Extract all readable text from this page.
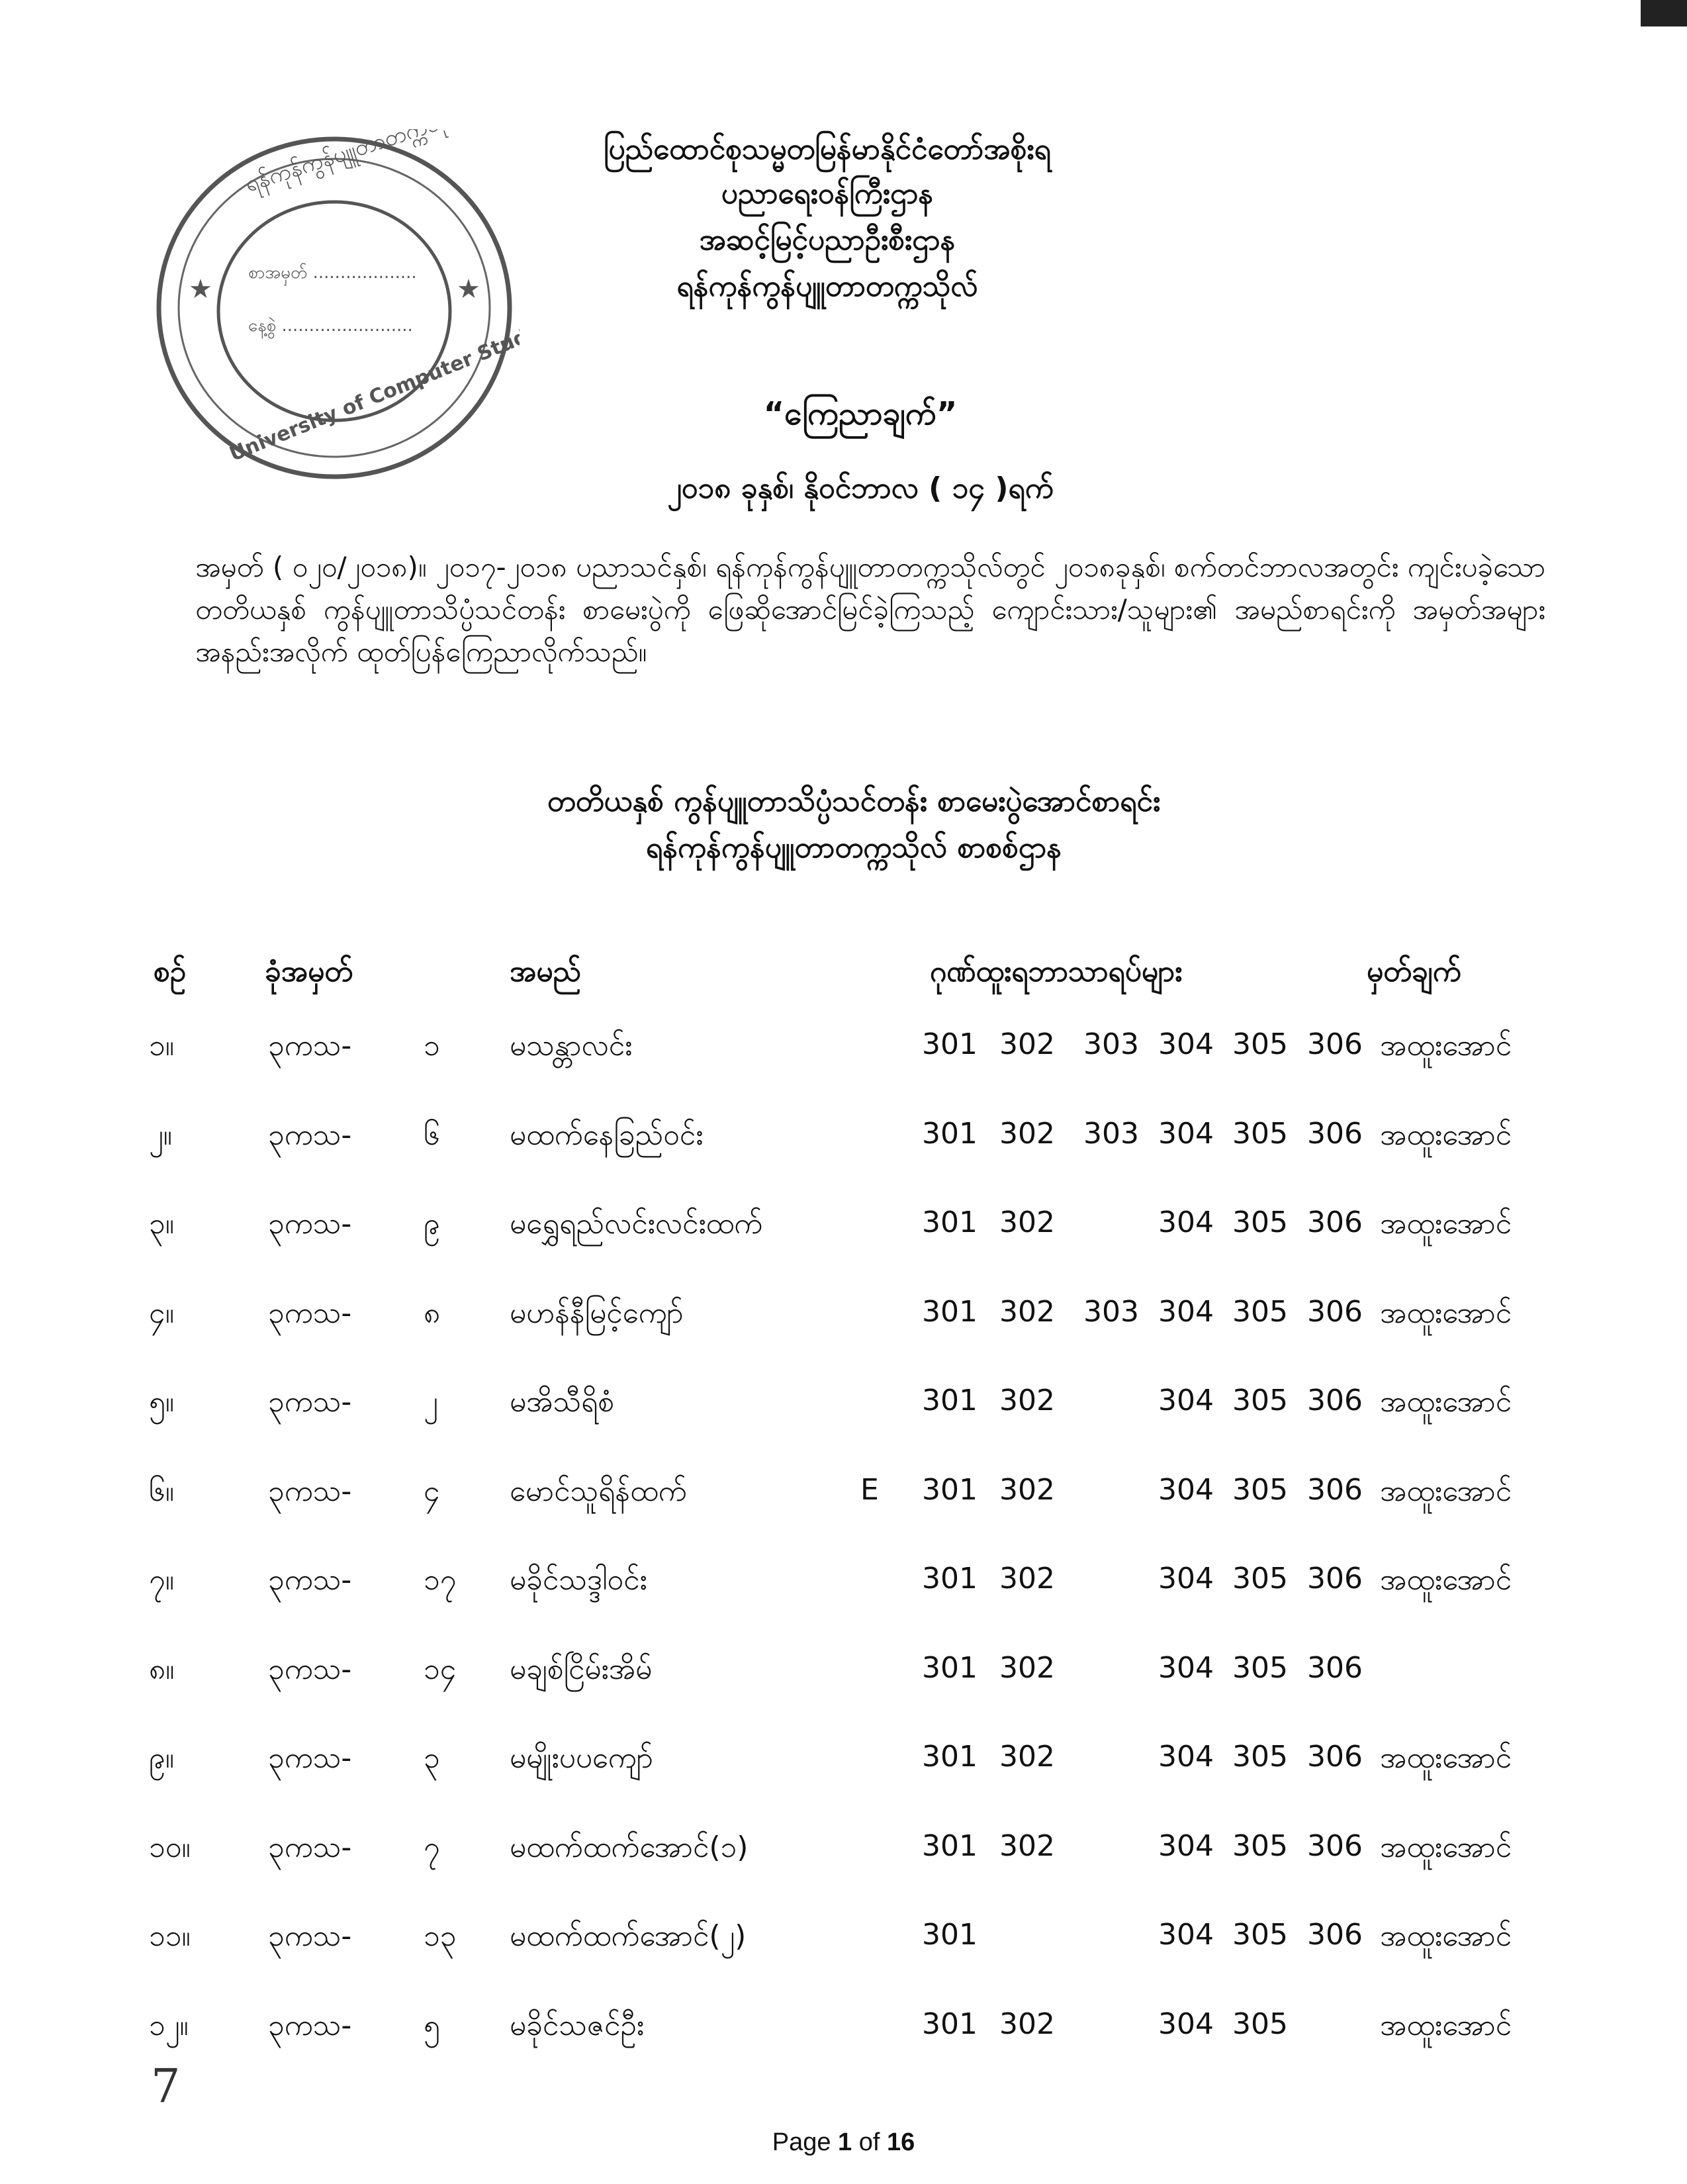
★	★
ရန်ကုန်ကွန်ပျူတာတက္ကသိုလ်
University of Computer Studies
စာအမှတ် ...................
နေ့စွဲ ........................
ပြည်ထောင်စုသမ္မတမြန်မာနိုင်ငံတော်အစိုးရ
ပညာရေးဝန်ကြီးဌာန
အဆင့်မြင့်ပညာဦးစီးဌာန
ရန်ကုန်ကွန်ပျူတာတက္ကသိုလ်
“ကြေညာချက်”
၂၀၁၈ ခုနှစ်၊ နိုဝင်ဘာလ ( ၁၄ )ရက်
အမှတ် ( ၀၂၀/၂၀၁၈)။ ၂၀၁၇-၂၀၁၈ ပညာသင်နှစ်၊ ရန်ကုန်ကွန်ပျူတာတက္ကသိုလ်တွင် ၂၀၁၈ခုနှစ်၊ စက်တင်ဘာလအတွင်း ကျင်းပခဲ့သော တတိယနှစ် ကွန်ပျူတာသိပ္ပံသင်တန်း စာမေးပွဲကို ဖြေဆိုအောင်မြင်ခဲ့ကြသည့် ကျောင်းသား/သူများ၏ အမည်စာရင်းကို အမှတ်အများအနည်းအလိုက် ထုတ်ပြန်ကြေညာလိုက်သည်။
တတိယနှစ် ကွန်ပျူတာသိပ္ပံသင်တန်း စာမေးပွဲအောင်စာရင်း
ရန်ကုန်ကွန်ပျူတာတက္ကသိုလ် စာစစ်ဌာန
စဥ်	ခုံအမှတ်	အမည်	ဂုဏ်ထူးရဘာသာရပ်များ	မှတ်ချက်
၁။	၃ကသ- ၁ မသန္တာလင်း	301 302 303 304 305 306 အထူးအောင်
၂။	၃ကသ- ၆ မထက်နေခြည်ဝင်း	301 302 303 304 305 306 အထူးအောင်
၃။	၃ကသ- ၉ မရွှေရည်လင်းလင်းထက်	301 302	304 305 306 အထူးအောင်
၄။	၃ကသ- ၈ မဟန်နီမြင့်ကျော်	301 302 303 304 305 306 အထူးအောင်
၅။	၃ကသ- ၂ မအိသီရိစံ	301 302	304 305 306 အထူးအောင်
၆။	၃ကသ- ၄ မောင်သူရိန်ထက်	E 301 302	304 305 306 အထူးအောင်
၇။	၃ကသ- ၁၇ မခိုင်သဒ္ဒါဝင်း	301 302	304 305 306 အထူးအောင်
၈။	၃ကသ- ၁၄ မချစ်ငြိမ်းအိမ်	301 302	304 305 306
၉။	၃ကသ- ၃ မမျိုးပပကျော်	301 302	304 305 306 အထူးအောင်
၁၀။	၃ကသ- ၇ မထက်ထက်အောင်(၁)	301 302	304 305 306 အထူးအောင်
၁၁။	၃ကသ- ၁၃ မထက်ထက်အောင်(၂)	301	304 305 306 အထူးအောင်
၁၂။	၃ကသ- ၅ မခိုင်သဇင်ဦး	301 302	304 305	အထူးအောင်
7
Page 1 of 16
